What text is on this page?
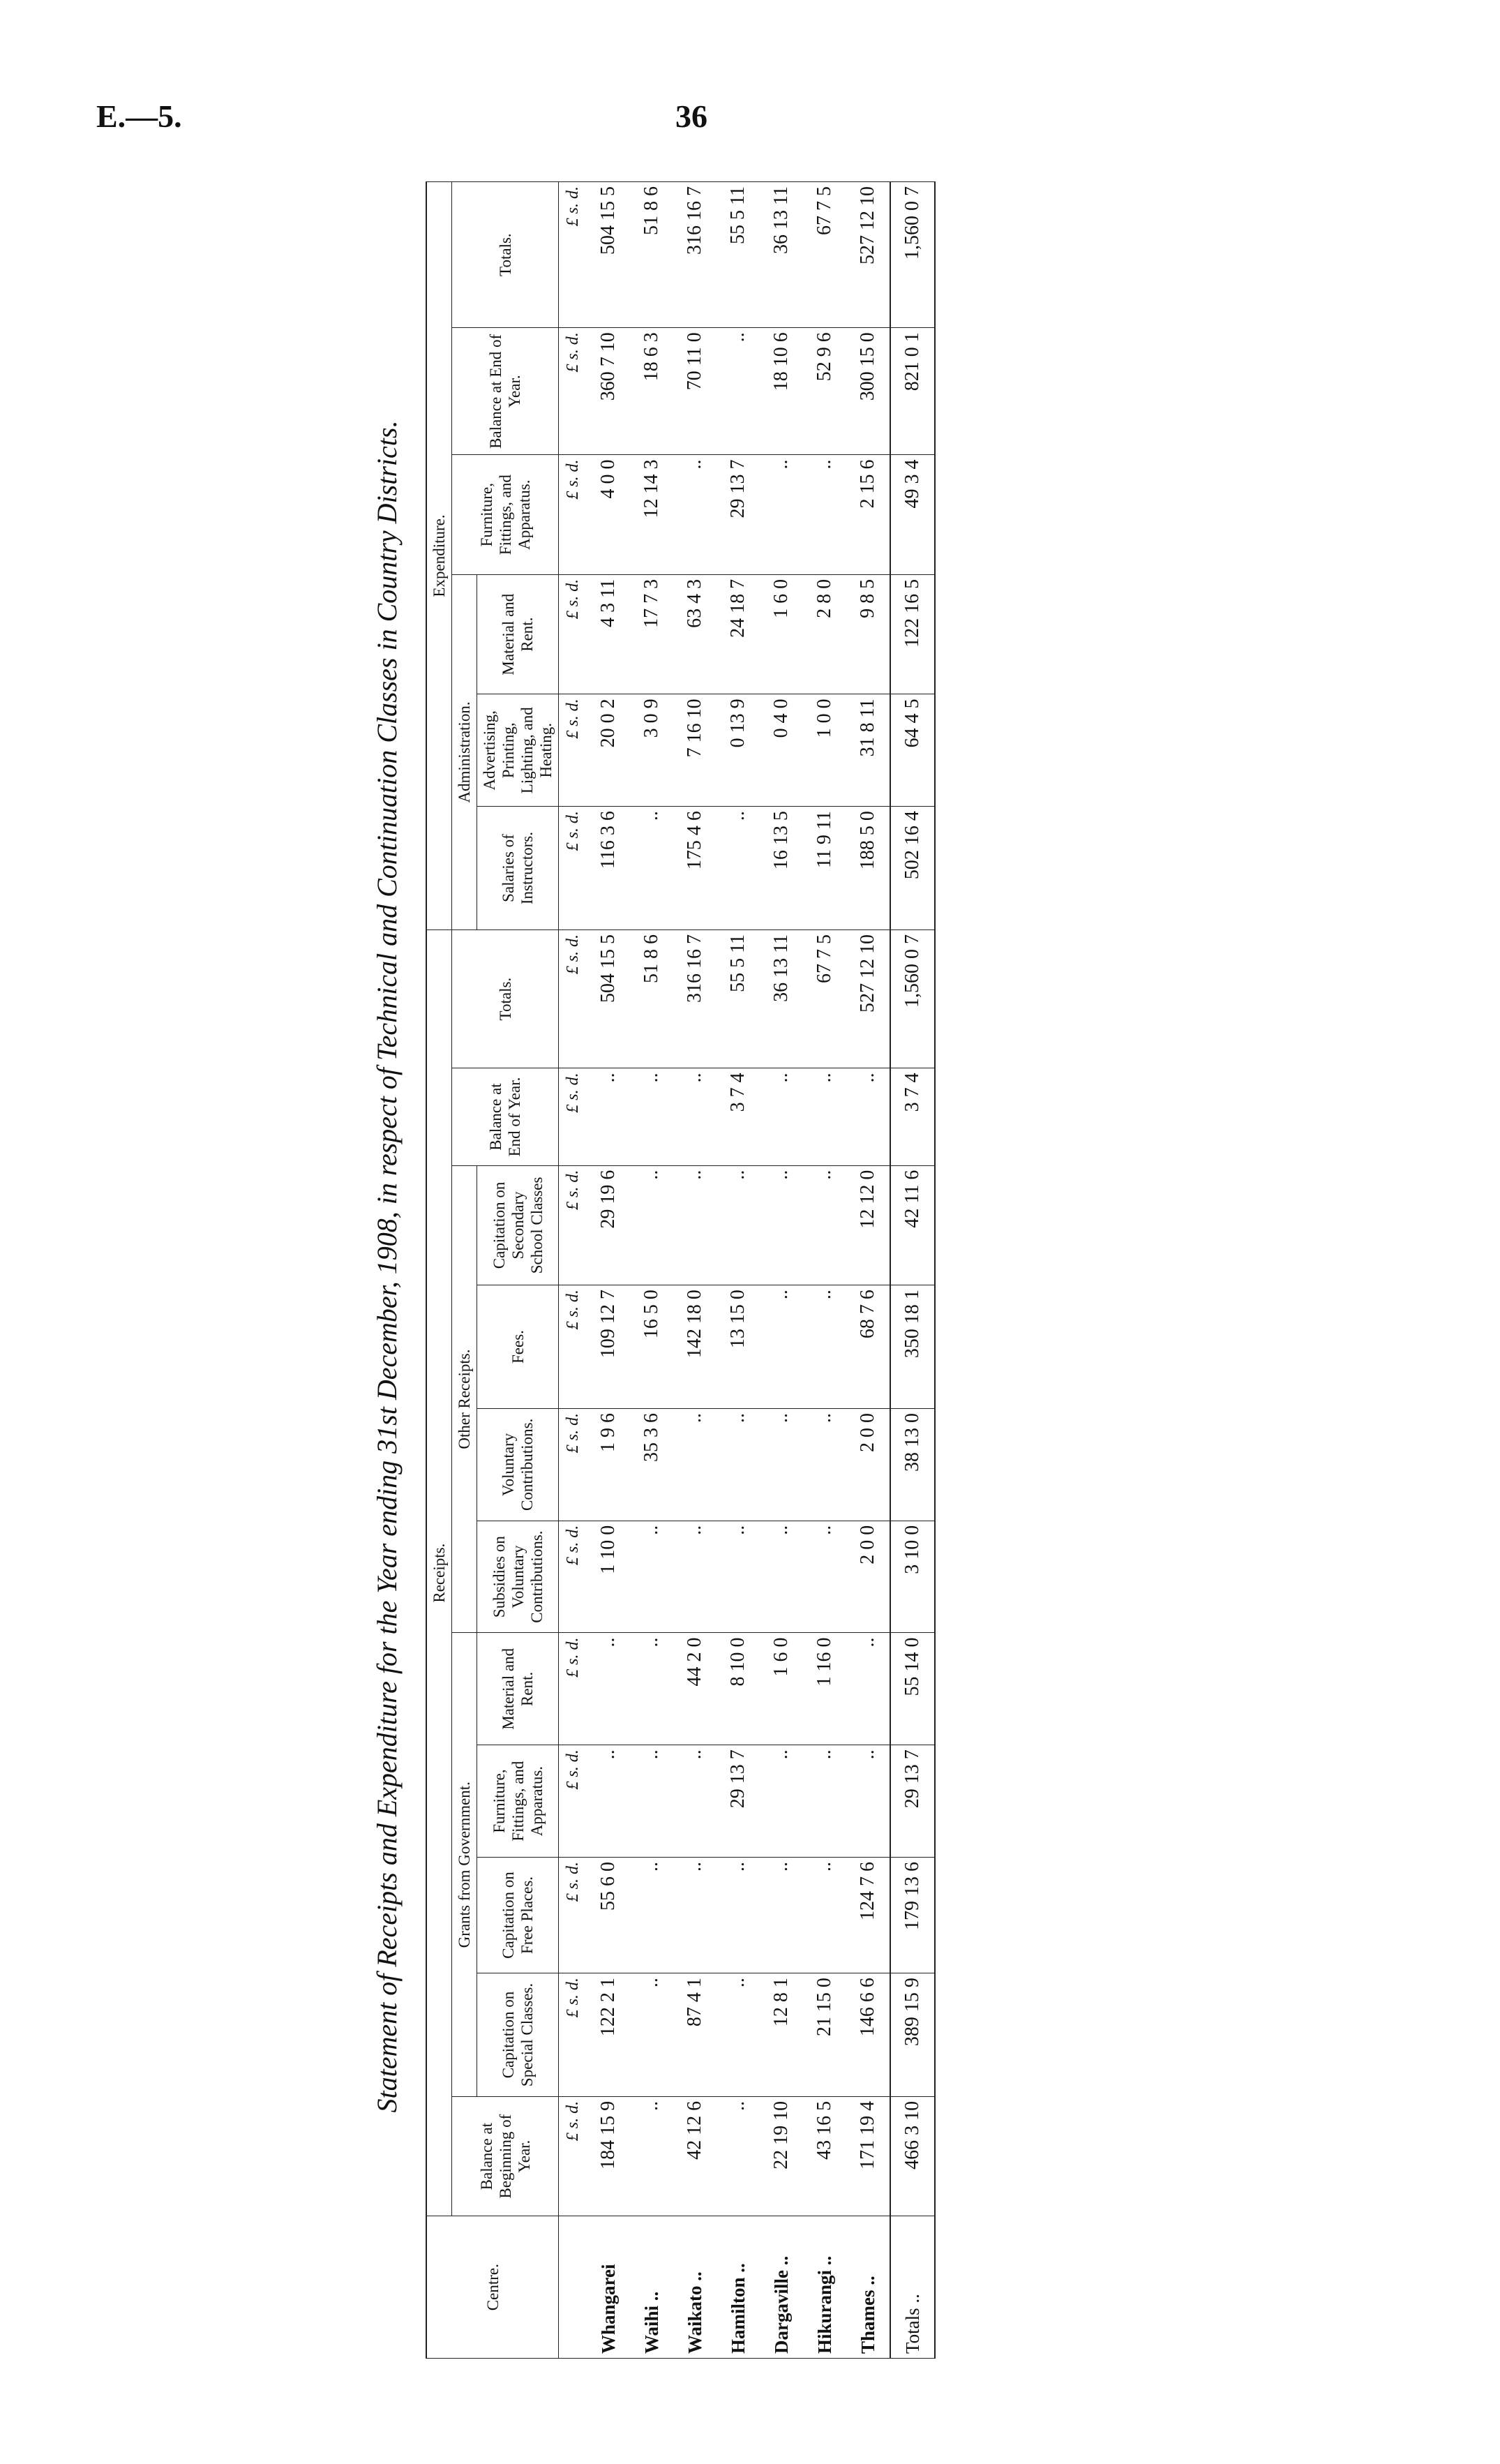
E.—5.	36
Statement of Receipts and Expenditure for the Year ending 31st December, 1908, in respect of Technical and Continuation Classes in Country Districts.
Centre.	Receipts.											Expenditure.					
	Balance at Beginning of Year.	Grants from Government.				Other Receipts.				Balance at End of Year.	Totals.	Administration.			Furniture, Fittings, and Apparatus.	Balance at End of Year.	Totals.
		Capitation on Special Classes.	Capitation on Free Places.	Furniture, Fittings, and Apparatus.	Material and Rent.	Subsidies on Voluntary Contributions.	Voluntary Contributions.	Fees.	Capitation on Secondary School Classes			Salaries of Instructors.	Advertising, Printing, Lighting, and Heating.	Material and Rent.			
	£ s. d.	£ s. d.	£ s. d.	£ s. d.	£ s. d.	£ s. d.	£ s. d.	£ s. d.	£ s. d.	£ s. d.	£ s. d.	£ s. d.	£ s. d.	£ s. d.	£ s. d.	£ s. d.	£ s. d.
Whangarei	184 15 9	122 2 1	55 6 0	..	..	1 10 0	1 9 6	109 12 7	29 19 6	..	504 15 5	116 3 6	20 0 2	4 3 11	4 0 0	360 7 10	504 15 5
Waihi ..	..	..	..	..	..	..	35 3 6	16 5 0	..	..	51 8 6	..	3 0 9	17 7 3	12 14 3	18 6 3	51 8 6
Waikato ..	42 12 6	87 4 1	..	..	44 2 0	..	..	142 18 0	..	..	316 16 7	175 4 6	7 16 10	63 4 3	..	70 11 0	316 16 7
Hamilton ..	..	..	..	29 13 7	8 10 0	..	..	13 15 0	..	3 7 4	55 5 11	..	0 13 9	24 18 7	29 13 7	..	55 5 11
Dargaville ..	22 19 10	12 8 1	..	..	1 6 0	..	..	..	..	..	36 13 11	16 13 5	0 4 0	1 6 0	..	18 10 6	36 13 11
Hikurangi ..	43 16 5	21 15 0	..	..	1 16 0	..	..	..	..	..	67 7 5	11 9 11	1 0 0	2 8 0	..	52 9 6	67 7 5
Thames ..	171 19 4	146 6 6	124 7 6	..	..	2 0 0	2 0 0	68 7 6	12 12 0	..	527 12 10	188 5 0	31 8 11	9 8 5	2 15 6	300 15 0	527 12 10
Totals ..	466 3 10	389 15 9	179 13 6	29 13 7	55 14 0	3 10 0	38 13 0	350 18 1	42 11 6	3 7 4	1,560 0 7	502 16 4	64 4 5	122 16 5	49 3 4	821 0 1	1,560 0 7
